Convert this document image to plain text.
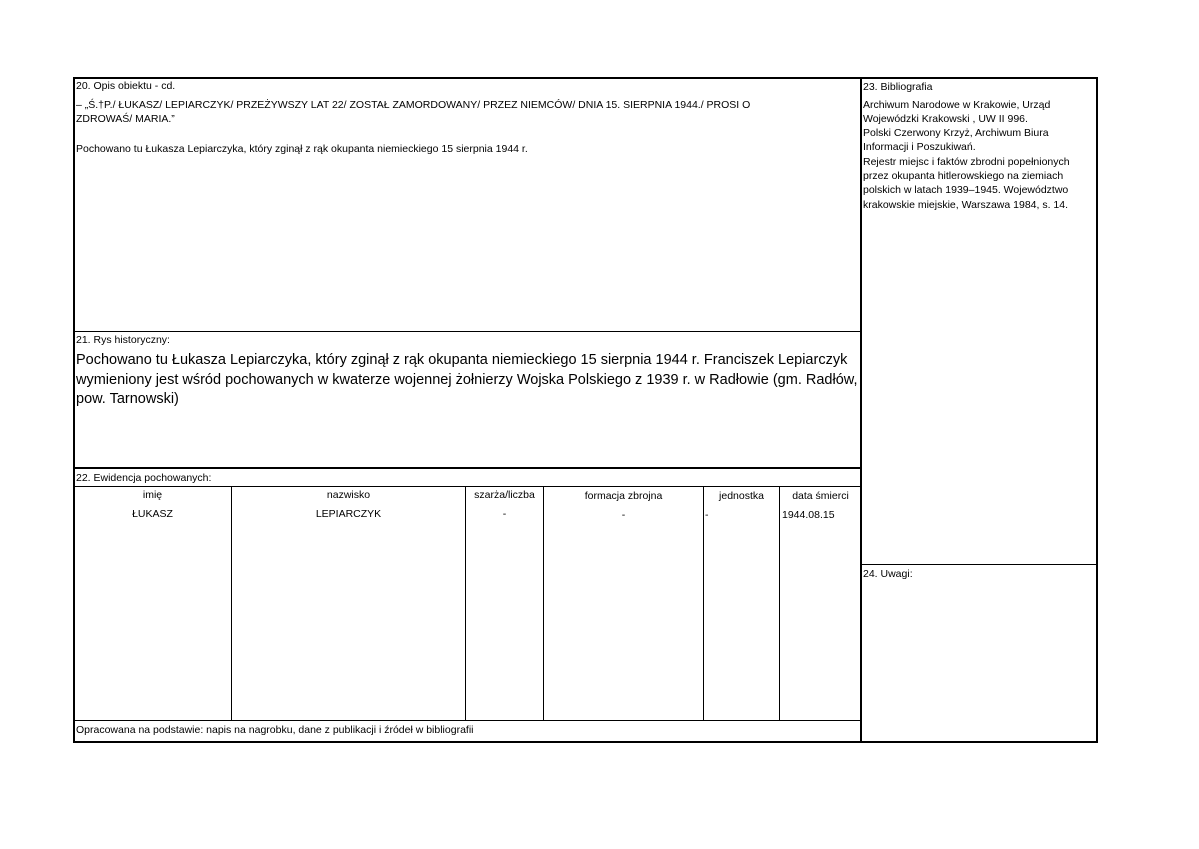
20. Opis obiektu - cd.
– „Ś.†P./ ŁUKASZ/ LEPIARCZYK/ PRZEŻYWSZY LAT 22/ ZOSTAŁ ZAMORDOWANY/ PRZEZ NIEMCÓW/ DNIA 15. SIERPNIA 1944./ PROSI O
ZDROWAŚ/ MARIA.”
Pochowano tu Łukasza Lepiarczyka, który zginął z rąk okupanta niemieckiego 15 sierpnia 1944 r.
21. Rys historyczny:
Pochowano tu Łukasza Lepiarczyka, który zginął z rąk okupanta niemieckiego 15 sierpnia 1944 r. Franciszek Lepiarczyk
wymieniony jest wśród pochowanych w kwaterze wojennej żołnierzy Wojska Polskiego z 1939 r. w Radłowie (gm. Radłów,
pow. Tarnowski)
22. Ewidencja pochowanych:
imię	nazwisko	szarża/liczba	formacja zbrojna	jednostka	data śmierci
ŁUKASZ	LEPIARCZYK	-	-	-	1944.08.15
Opracowana na podstawie: napis na nagrobku, dane z publikacji i źródeł w bibliografii
23. Bibliografia
Archiwum Narodowe w Krakowie, Urząd
Wojewódzki Krakowski , UW II 996.
Polski Czerwony Krzyż, Archiwum Biura
Informacji i Poszukiwań.
Rejestr miejsc i faktów zbrodni popełnionych
przez okupanta hitlerowskiego na ziemiach
polskich w latach 1939–1945. Województwo
krakowskie miejskie, Warszawa 1984, s. 14.
24. Uwagi:
